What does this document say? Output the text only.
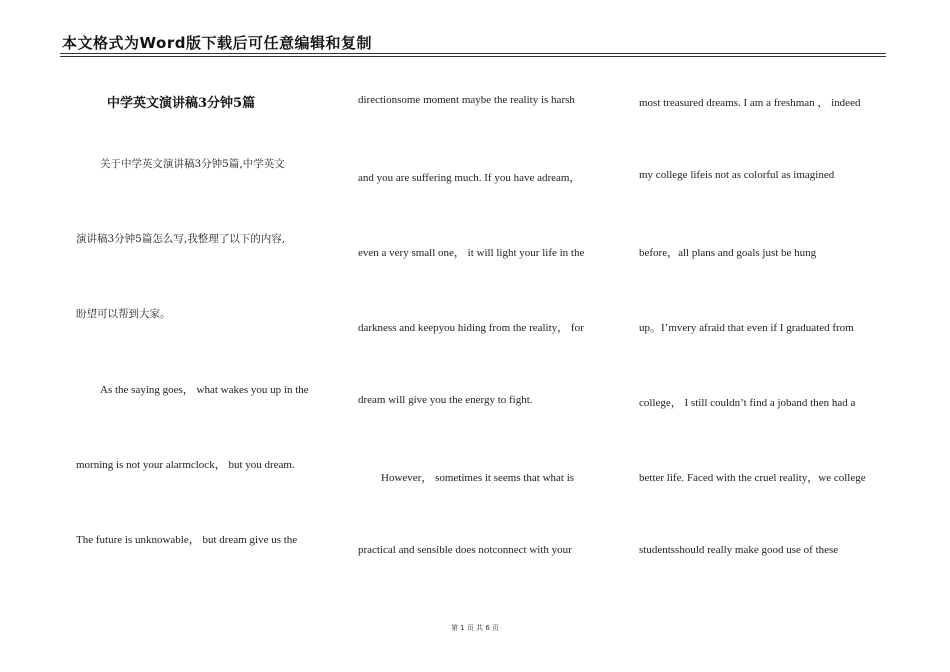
本文格式为Word版下载后可任意编辑和复制
中学英文演讲稿3分钟5篇
关于中学英文演讲稿3分钟5篇,中学英文
演讲稿3分钟5篇怎么写,我整理了以下的内容,
盼望可以帮到大家。
As the saying goes， what wakes you up in the
morning is not your alarmclock， but you dream.
The future is unknowable， but dream give us the
directionsome moment maybe the reality is harsh
and you are suffering much. If you have adream，
even a very small one， it will light your life in the
darkness and keepyou hiding from the reality， for
dream will give you the energy to fight.
However， sometimes it seems that what is
practical and sensible does notconnect with your
most treasured dreams. I am a freshman ， indeed
my college lifeis not as colorful as imagined
before，all plans and goals just be hung
up。I’mvery afraid that even if I graduated from
college， I still couldn’t find a joband then had a
better life. Faced with the cruel reality，we college
studentsshould really make good use of these
第 1 页 共 6 页
